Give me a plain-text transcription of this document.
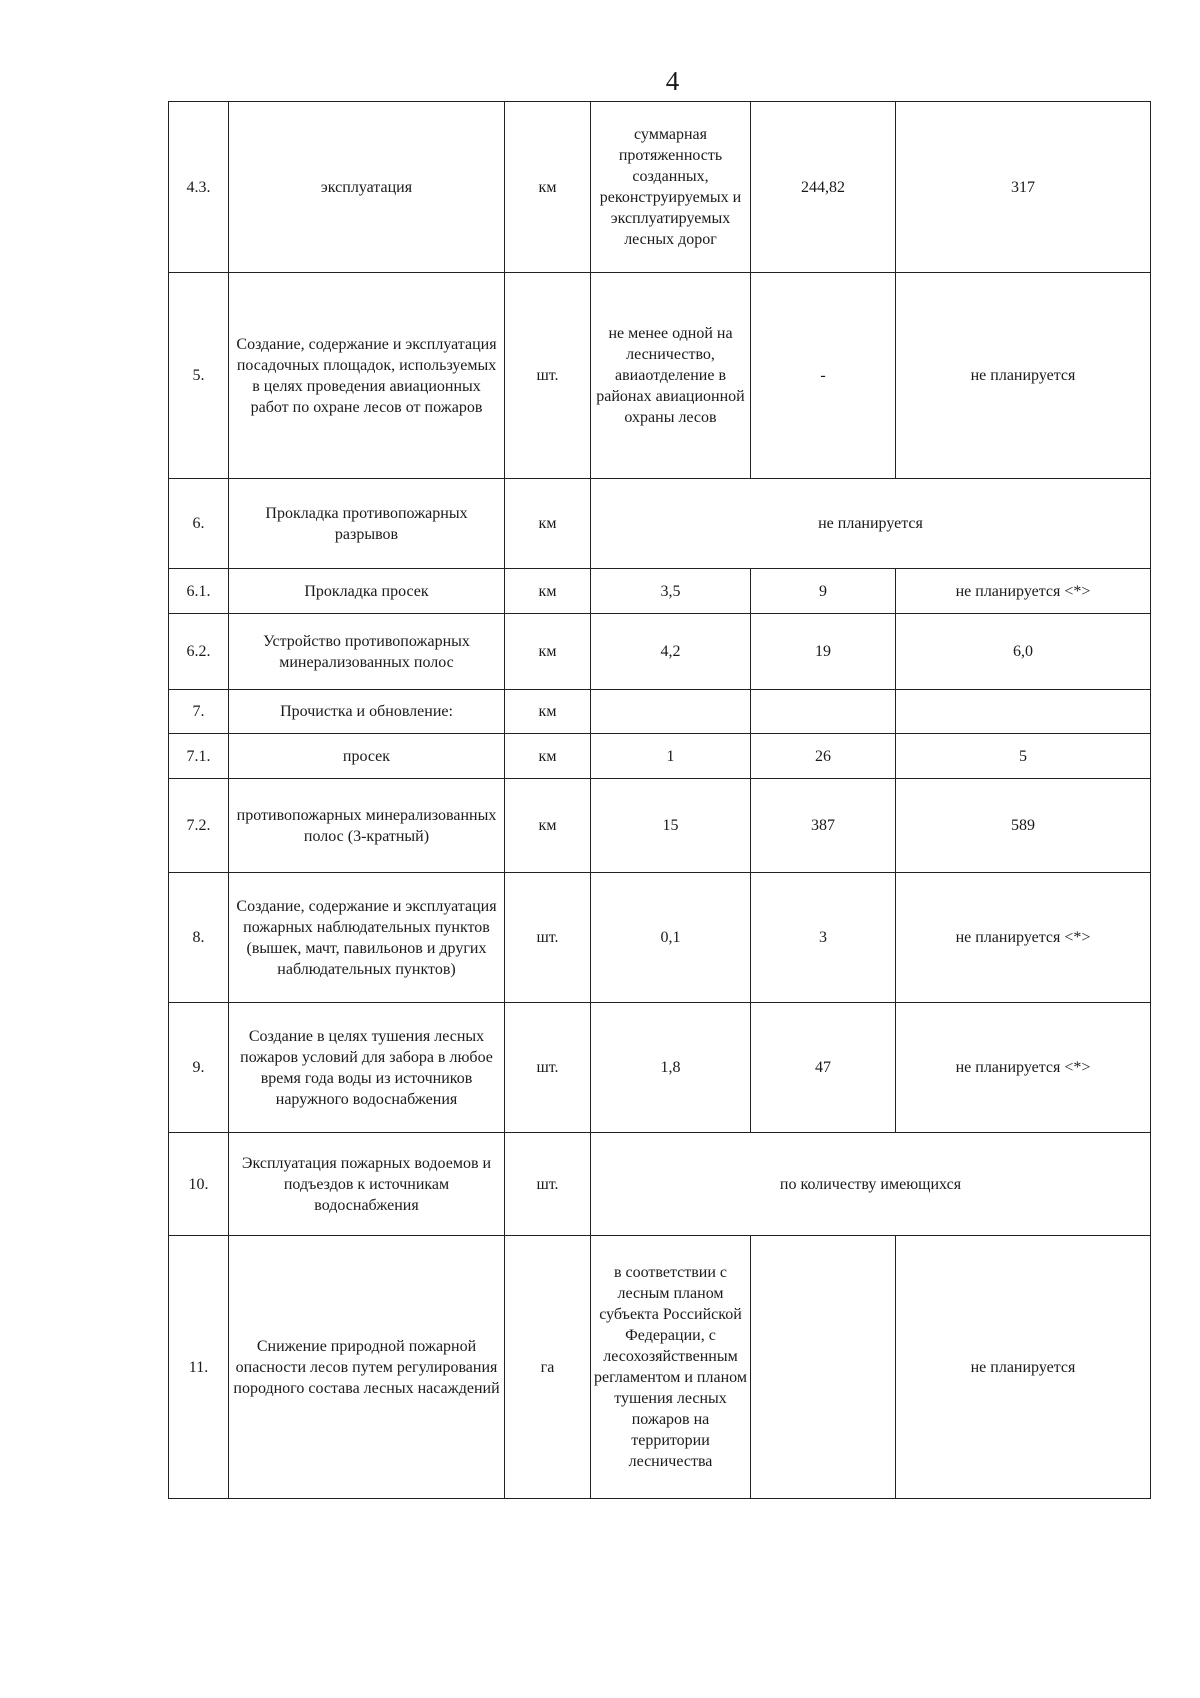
4
4.3.	эксплуатация	км	суммарная протяженность созданных, реконструируемых и эксплуатируемых лесных дорог	244,82	317
5.	Создание, содержание и эксплуатация посадочных площадок, используемых в целях проведения авиационных работ по охране лесов от пожаров	шт.	не менее одной на лесничество, авиаотделение в районах авиационной охраны лесов	-	не планируется
6.	Прокладка противопожарных разрывов	км	не планируется		
6.1.	Прокладка просек	км	3,5	9	не планируется <*>
6.2.	Устройство противопожарных минерализованных полос	км	4,2	19	6,0
7.	Прочистка и обновление:	км			
7.1.	просек	км	1	26	5
7.2.	противопожарных минерализованных полос (3-кратный)	км	15	387	589
8.	Создание, содержание и эксплуатация пожарных наблюдательных пунктов (вышек, мачт, павильонов и других наблюдательных пунктов)	шт.	0,1	3	не планируется <*>
9.	Создание в целях тушения лесных пожаров условий для забора в любое время года воды из источников наружного водоснабжения	шт.	1,8	47	не планируется <*>
10.	Эксплуатация пожарных водоемов и подъездов к источникам водоснабжения	шт.	по количеству имеющихся		
11.	Снижение природной пожарной опасности лесов путем регулирования породного состава лесных насаждений	га	в соответствии с лесным планом субъекта Российской Федерации, с лесохозяйственным регламентом и планом тушения лесных пожаров на территории лесничества		не планируется
